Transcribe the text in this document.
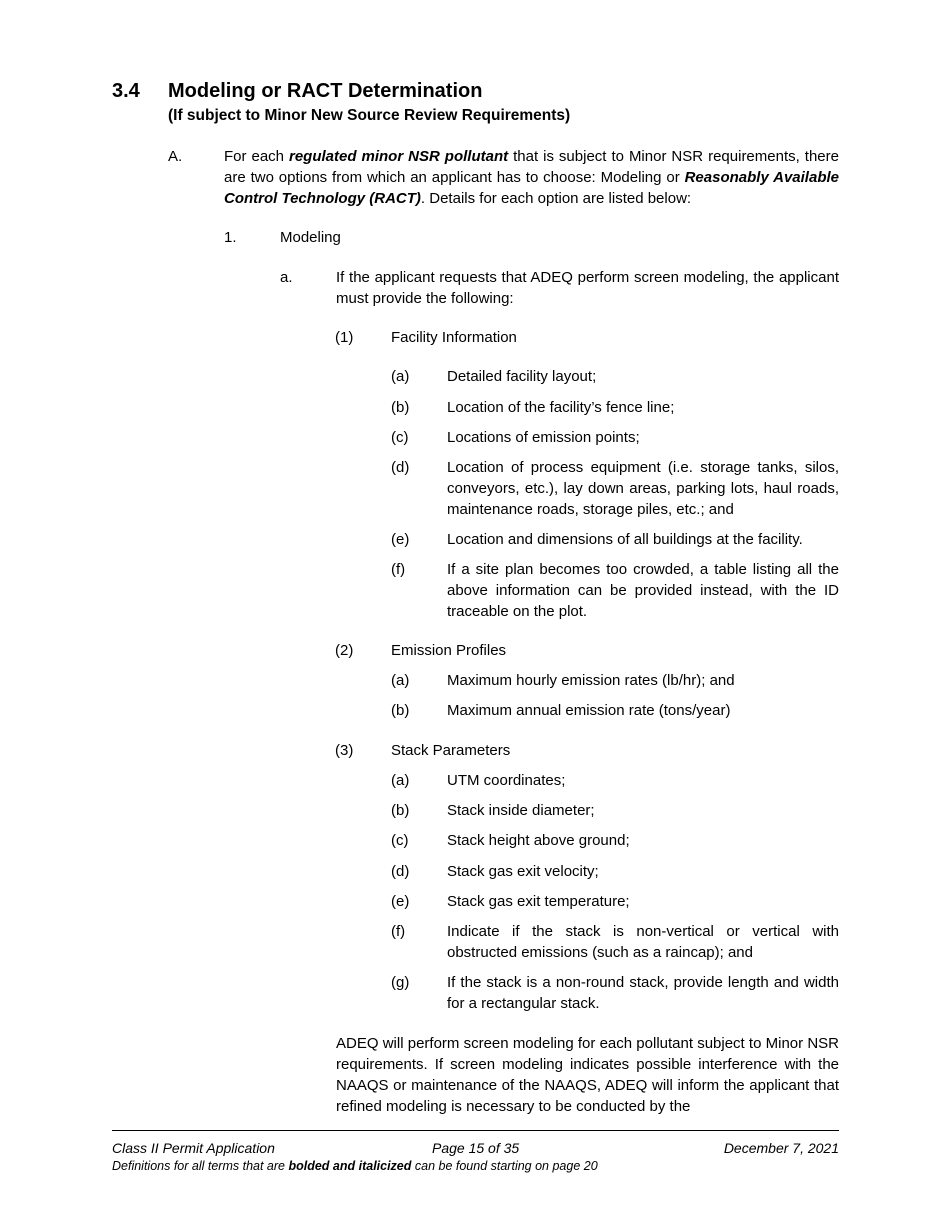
3.4 Modeling or RACT Determination
(If subject to Minor New Source Review Requirements)
A.	For each regulated minor NSR pollutant that is subject to Minor NSR requirements, there are two options from which an applicant has to choose: Modeling or Reasonably Available Control Technology (RACT). Details for each option are listed below:
1.	Modeling
a.	If the applicant requests that ADEQ perform screen modeling, the applicant must provide the following:
(1)	Facility Information
(a)	Detailed facility layout;
(b)	Location of the facility’s fence line;
(c)	Locations of emission points;
(d)	Location of process equipment (i.e. storage tanks, silos, conveyors, etc.), lay down areas, parking lots, haul roads, maintenance roads, storage piles, etc.; and
(e)	Location and dimensions of all buildings at the facility.
(f)	If a site plan becomes too crowded, a table listing all the above information can be provided instead, with the ID traceable on the plot.
(2)	Emission Profiles
(a)	Maximum hourly emission rates (lb/hr); and
(b)	Maximum annual emission rate (tons/year)
(3)	Stack Parameters
(a)	UTM coordinates;
(b)	Stack inside diameter;
(c)	Stack height above ground;
(d)	Stack gas exit velocity;
(e)	Stack gas exit temperature;
(f)	Indicate if the stack is non-vertical or vertical with obstructed emissions (such as a raincap); and
(g)	If the stack is a non-round stack, provide length and width for a rectangular stack.
ADEQ will perform screen modeling for each pollutant subject to Minor NSR requirements. If screen modeling indicates possible interference with the NAAQS or maintenance of the NAAQS, ADEQ will inform the applicant that refined modeling is necessary to be conducted by the
Class II Permit Application	Page 15 of 35	December 7, 2021
Definitions for all terms that are bolded and italicized can be found starting on page 20
